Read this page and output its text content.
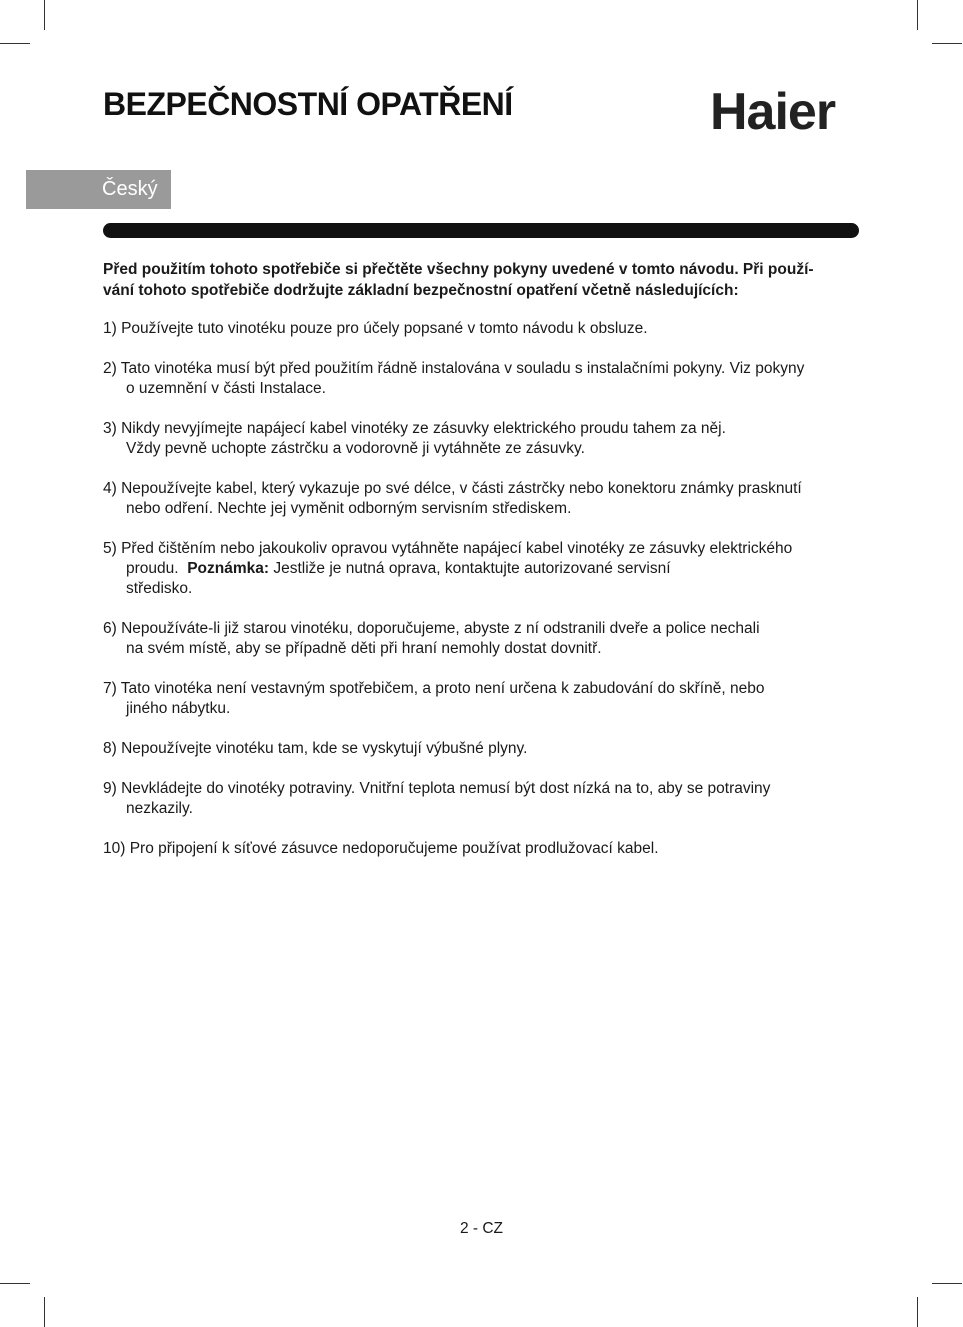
BEZPEČNOSTNÍ OPATŘENÍ	Haier
Český
Před použitím tohoto spotřebiče si přečtěte všechny pokyny uvedené v tomto návodu. Při použí-
vání tohoto spotřebiče dodržujte základní bezpečnostní opatření včetně následujících:
1) Používejte tuto vinotéku pouze pro účely popsané v tomto návodu k obsluze.
2) Tato vinotéka musí být před použitím řádně instalována v souladu s instalačními pokyny. Viz pokyny
o uzemnění v části Instalace.
3) Nikdy nevyjímejte napájecí kabel vinotéky ze zásuvky elektrického proudu tahem za něj.
Vždy pevně uchopte zástrčku a vodorovně ji vytáhněte ze zásuvky.
4) Nepoužívejte kabel, který vykazuje po své délce, v části zástrčky nebo konektoru známky prasknutí
nebo odření. Nechte jej vyměnit odborným servisním střediskem.
5) Před čištěním nebo jakoukoliv opravou vytáhněte napájecí kabel vinotéky ze zásuvky elektrického
proudu. Poznámka: Jestliže je nutná oprava, kontaktujte autorizované servisní
středisko.
6) Nepoužíváte-li již starou vinotéku, doporučujeme, abyste z ní odstranili dveře a police nechali
na svém místě, aby se případně děti při hraní nemohly dostat dovnitř.
7) Tato vinotéka není vestavným spotřebičem, a proto není určena k zabudování do skříně, nebo
jiného nábytku.
8) Nepoužívejte vinotéku tam, kde se vyskytují výbušné plyny.
9) Nevkládejte do vinotéky potraviny. Vnitřní teplota nemusí být dost nízká na to, aby se potraviny
nezkazily.
10) Pro připojení k síťové zásuvce nedoporučujeme používat prodlužovací kabel.
2 - CZ
